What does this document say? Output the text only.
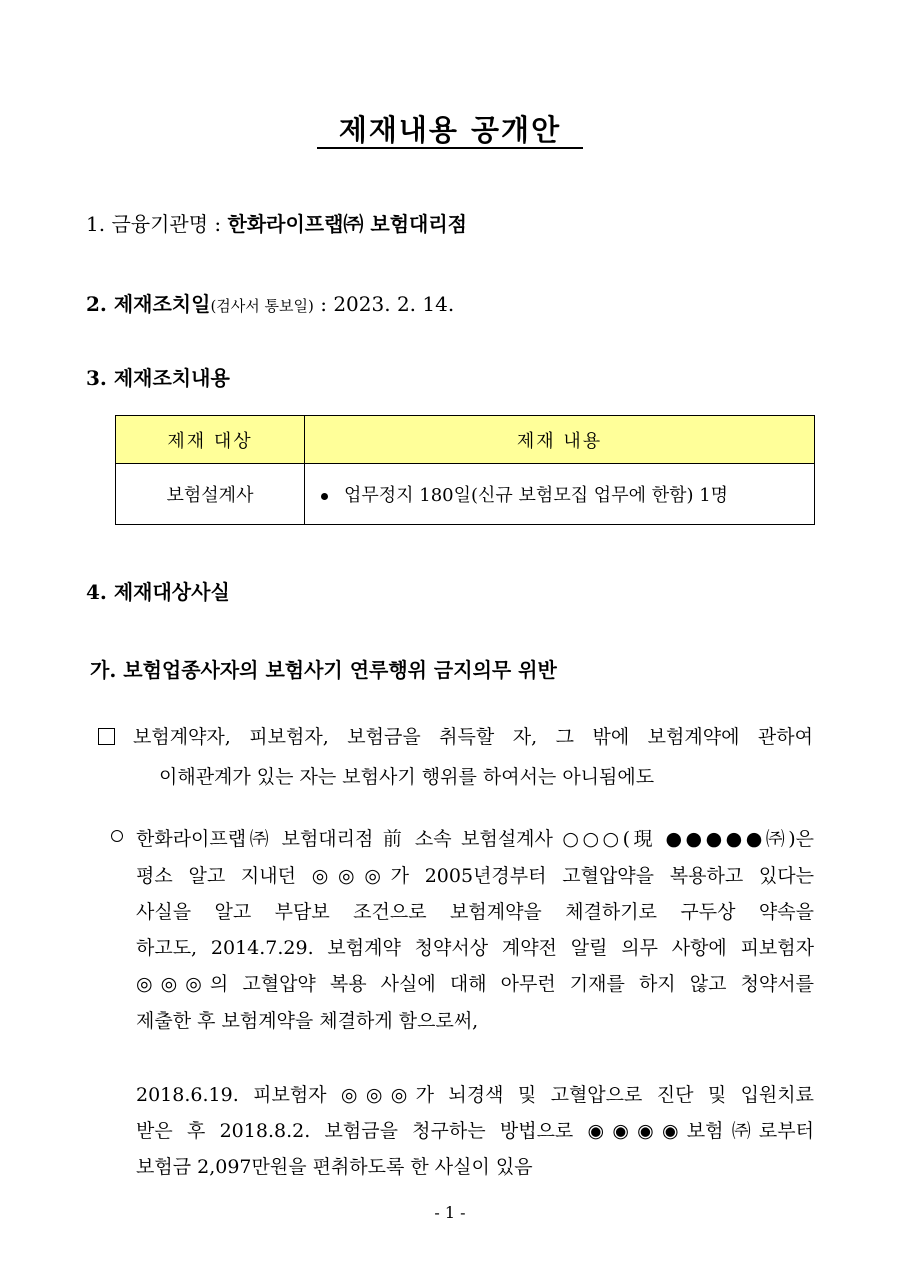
제재내용 공개안
1. 금융기관명 : 한화라이프랩㈜ 보험대리점
2. 제재조치일(검사서 통보일) : 2023. 2. 14.
3. 제재조치내용
제재 대상	제재 내용
보험설계사	업무정지 180일(신규 보험모집 업무에 한함) 1명
4. 제재대상사실
가. 보험업종사자의 보험사기 연루행위 금지의무 위반
보험계약자, 피보험자, 보험금을 취득할 자, 그 밖에 보험계약에 관하여
이해관계가 있는 자는 보험사기 행위를 하여서는 아니됨에도
한화라이프랩㈜ 보험대리점 前 소속 보험설계사 ○○○(現 ●●●●●㈜)은
평소 알고 지내던 ◎◎◎가 2005년경부터 고혈압약을 복용하고 있다는
사실을 알고 부담보 조건으로 보험계약을 체결하기로 구두상 약속을
하고도, 2014.7.29. 보험계약 청약서상 계약전 알릴 의무 사항에 피보험자
◎◎◎의 고혈압약 복용 사실에 대해 아무런 기재를 하지 않고 청약서를
제출한 후 보험계약을 체결하게 함으로써,
2018.6.19. 피보험자 ◎◎◎가 뇌경색 및 고혈압으로 진단 및 입원치료
받은 후 2018.8.2. 보험금을 청구하는 방법으로 ◉◉◉◉보험㈜로부터
보험금 2,097만원을 편취하도록 한 사실이 있음
- 1 -
